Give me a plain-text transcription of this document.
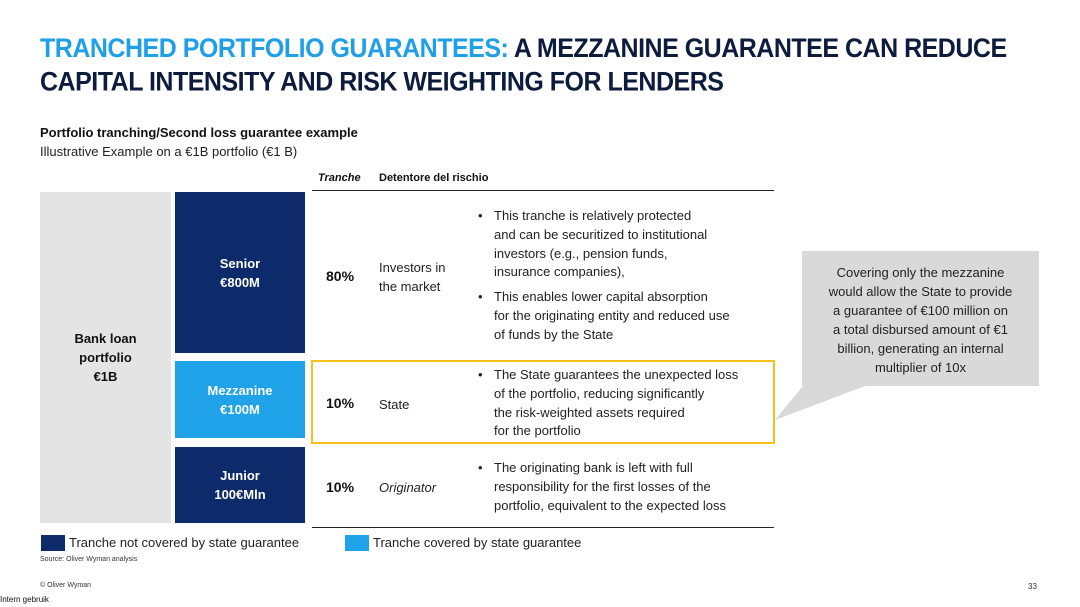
TRANCHED PORTFOLIO GUARANTEES: A MEZZANINE GUARANTEE CAN REDUCE CAPITAL INTENSITY AND RISK WEIGHTING FOR LENDERS
Portfolio tranching/Second loss guarantee example
Illustrative Example on a €1B portfolio (€1 B)
Tranche Detentore del rischio
Bank loan
portfolio
€1B
Senior
€800M
Mezzanine
€100M
Junior
100€Mln
80%
Investors in
the market
• This tranche is relatively protected
and can be securitized to institutional
investors (e.g., pension funds,
insurance companies),
• This enables lower capital absorption
for the originating entity and reduced use
of funds by the State
10% State
• The State guarantees the unexpected loss
of the portfolio, reducing significantly
the risk-weighted assets required
for the portfolio
10% Originator
• The originating bank is left with full
responsibility for the first losses of the
portfolio, equivalent to the expected loss
Covering only the mezzanine
would allow the State to provide
a guarantee of €100 million on
a total disbursed amount of €1
billion, generating an internal
multiplier of 10x
Tranche not covered by state guarantee	Tranche covered by state guarantee
Source: Oliver Wyman analysis
© Oliver Wyman	33
Intern gebruik
